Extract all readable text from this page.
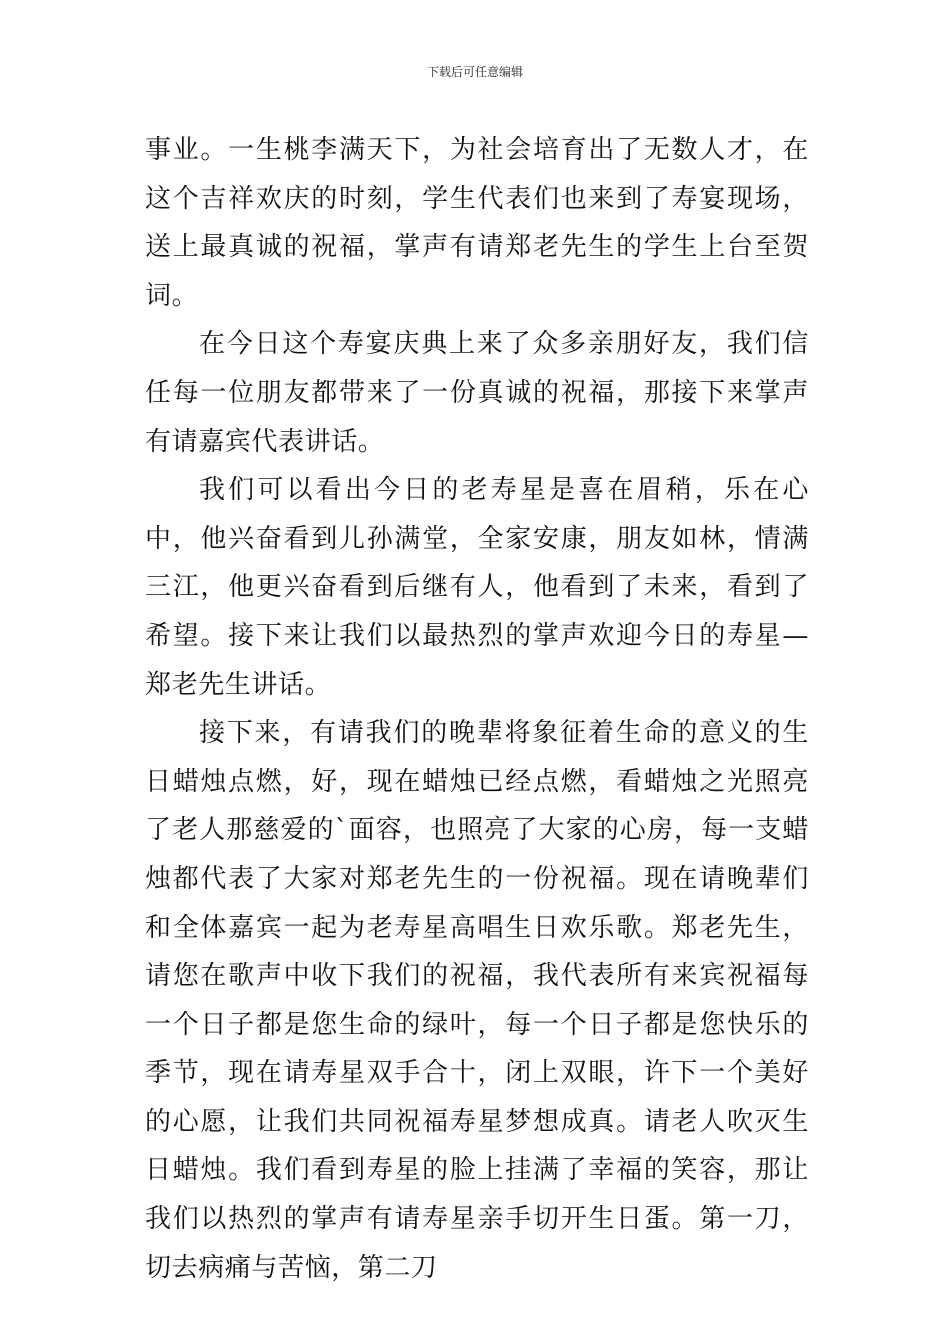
下载后可任意编辑

事业。一生桃李满天下，为社会培育出了无数人才，在这个吉祥欢庆的时刻，学生代表们也来到了寿宴现场，送上最真诚的祝福，掌声有请郑老先生的学生上台至贺词。

在今日这个寿宴庆典上来了众多亲朋好友，我们信任每一位朋友都带来了一份真诚的祝福，那接下来掌声有请嘉宾代表讲话。

我们可以看出今日的老寿星是喜在眉稍，乐在心中，他兴奋看到儿孙满堂，全家安康，朋友如林，情满三江，他更兴奋看到后继有人，他看到了未来，看到了希望。接下来让我们以最热烈的掌声欢迎今日的寿星—郑老先生讲话。

接下来，有请我们的晚辈将象征着生命的意义的生日蜡烛点燃，好，现在蜡烛已经点燃，看蜡烛之光照亮了老人那慈爱的`面容，也照亮了大家的心房，每一支蜡烛都代表了大家对郑老先生的一份祝福。现在请晚辈们和全体嘉宾一起为老寿星高唱生日欢乐歌。郑老先生，请您在歌声中收下我们的祝福，我代表所有来宾祝福每一个日子都是您生命的绿叶，每一个日子都是您快乐的季节，现在请寿星双手合十，闭上双眼，许下一个美好的心愿，让我们共同祝福寿星梦想成真。请老人吹灭生日蜡烛。我们看到寿星的脸上挂满了幸福的笑容，那让我们以热烈的掌声有请寿星亲手切开生日蛋。第一刀，切去病痛与苦恼，第二刀
